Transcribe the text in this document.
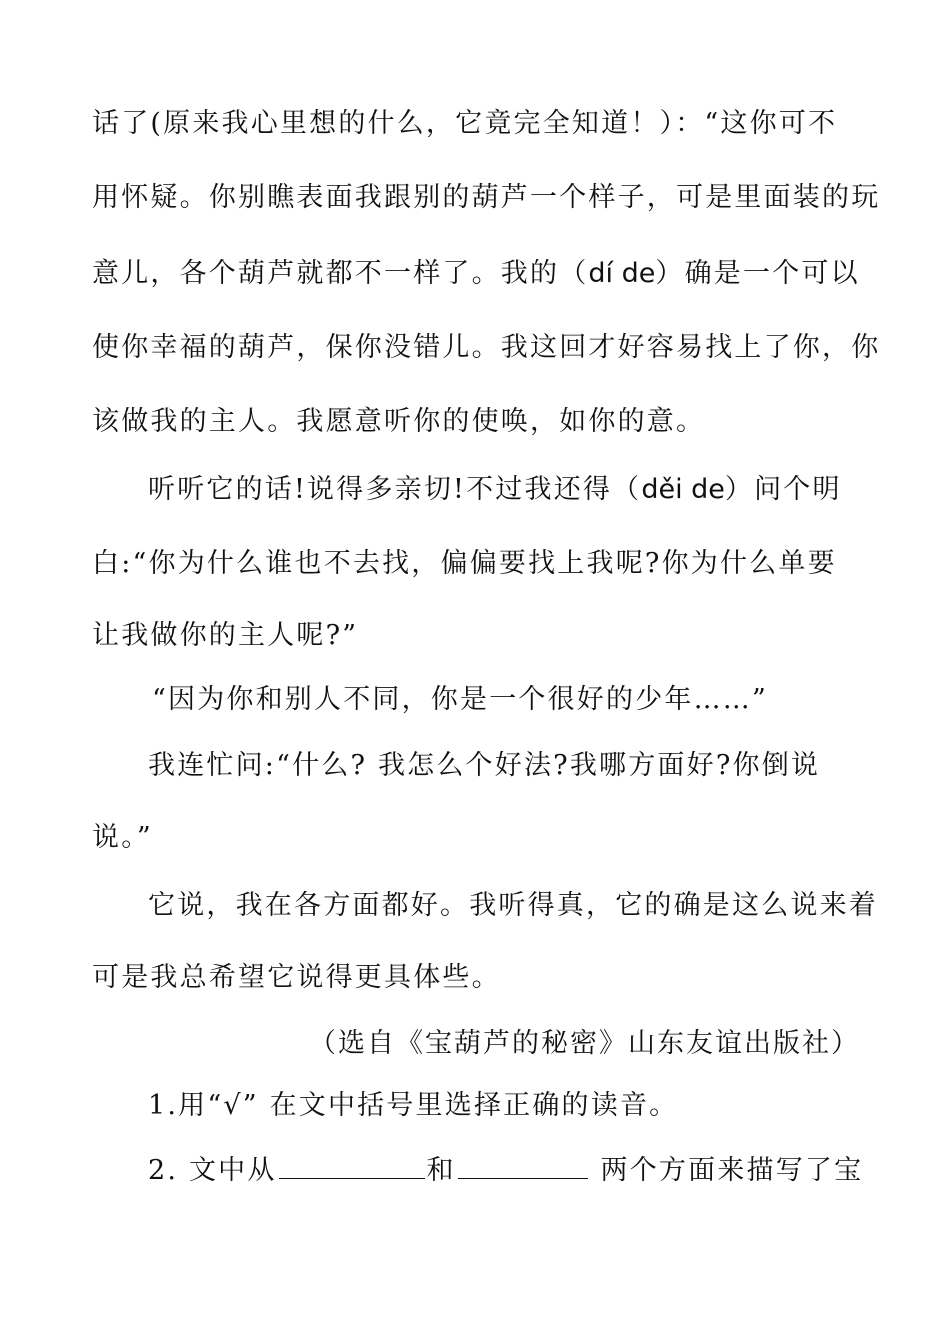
话了(原来我心里想的什么，它竟完全知道！）：“这你可不
用怀疑。你别瞧表面我跟别的葫芦一个样子，可是里面装的玩
意儿，各个葫芦就都不一样了。我的（dí de）确是一个可以
使你幸福的葫芦，保你没错儿。我这回才好容易找上了你，你
该做我的主人。我愿意听你的使唤，如你的意。
听听它的话!说得多亲切!不过我还得（děi de）问个明
白:“你为什么谁也不去找，偏偏要找上我呢?你为什么单要
让我做你的主人呢?”
“因为你和别人不同，你是一个很好的少年……”
我连忙问:“什么? 我怎么个好法?我哪方面好?你倒说
说。”
它说，我在各方面都好。我听得真，它的确是这么说来着
可是我总希望它说得更具体些。
（选自《宝葫芦的秘密》山东友谊出版社）
1.用“√” 在文中括号里选择正确的读音。
2. 文中从	和	两个方面来描写了宝
